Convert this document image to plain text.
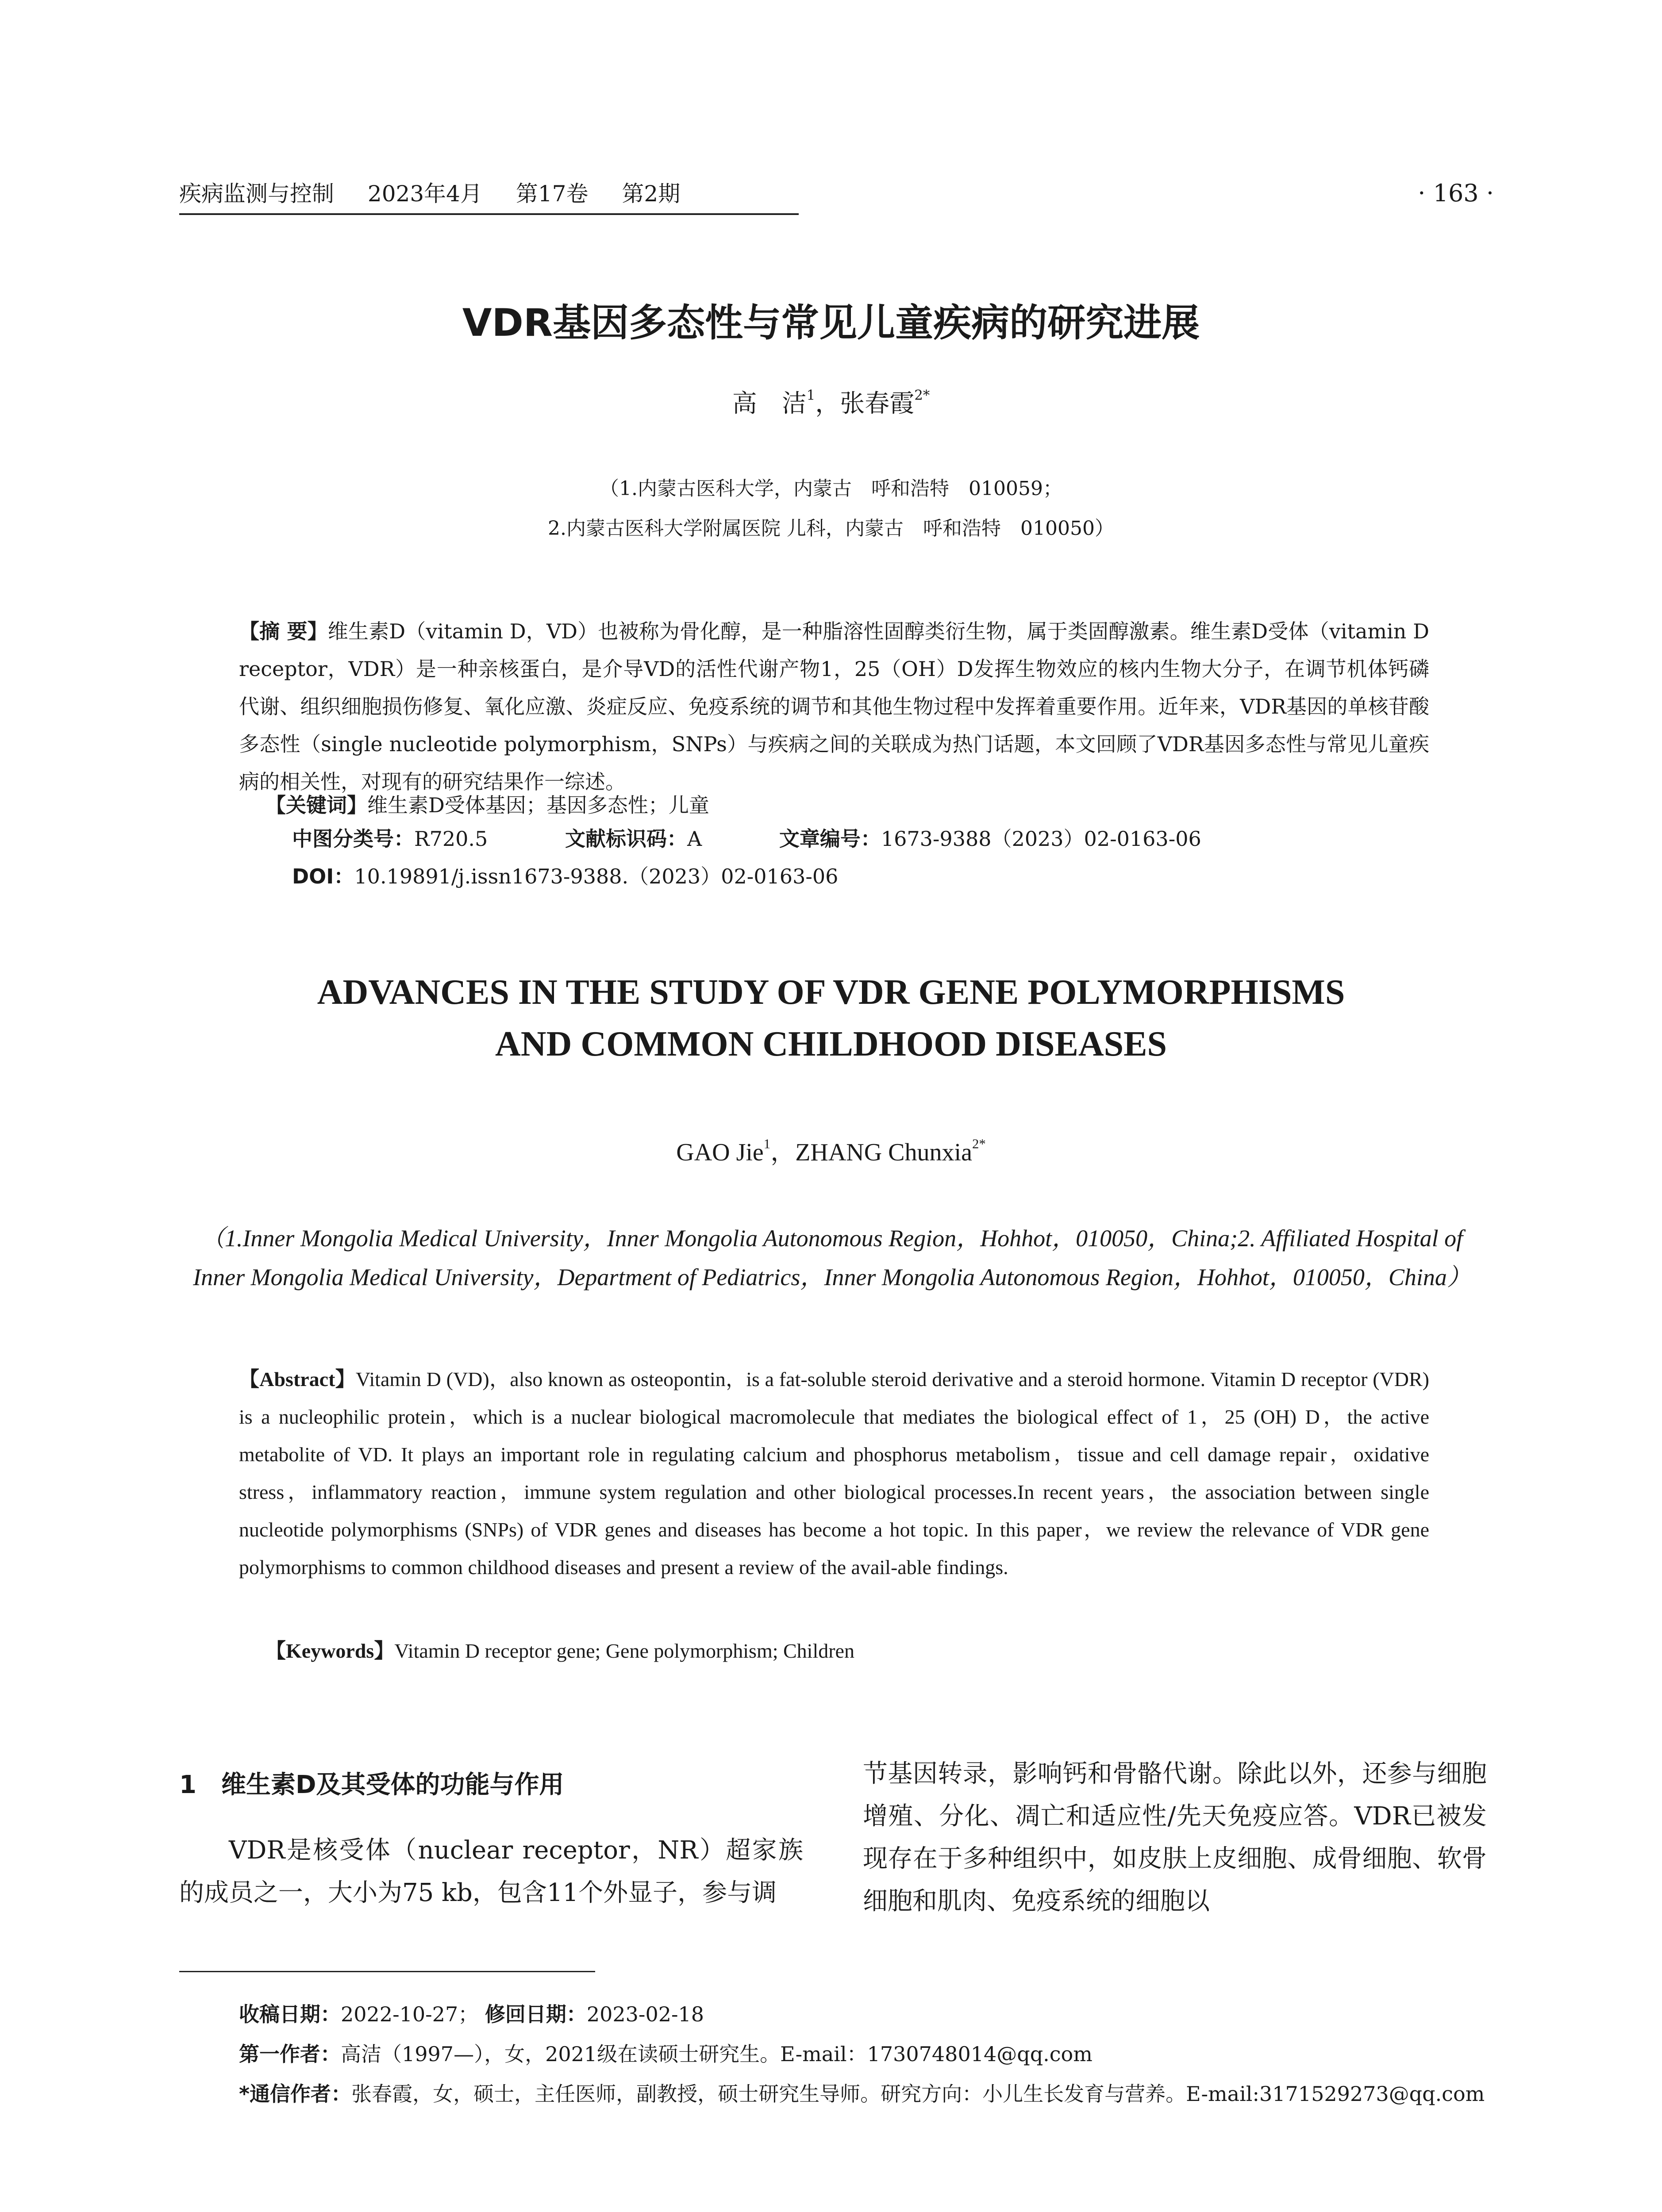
疾病监测与控制 2023年4月 第17卷 第2期	· 163 ·
VDR基因多态性与常见儿童疾病的研究进展
高　洁$^1$，张春霞$^{2*}$
（1.内蒙古医科大学，内蒙古　呼和浩特　010059；
2.内蒙古医科大学附属医院 儿科，内蒙古　呼和浩特　010050）
【摘 要】维生素D（vitamin D，VD）也被称为骨化醇，是一种脂溶性固醇类衍生物，属于类固醇激素。维生素D受体（vitamin D receptor，VDR）是一种亲核蛋白，是介导VD的活性代谢产物1，25（OH）D发挥生物效应的核内生物大分子，在调节机体钙磷代谢、组织细胞损伤修复、氧化应激、炎症反应、免疫系统的调节和其他生物过程中发挥着重要作用。近年来，VDR基因的单核苷酸多态性（single nucleotide polymorphism，SNPs）与疾病之间的关联成为热门话题，本文回顾了VDR基因多态性与常见儿童疾病的相关性，对现有的研究结果作一综述。
【关键词】维生素D受体基因；基因多态性；儿童
中图分类号：R720.5	文献标识码：A	文章编号：1673-9388（2023）02-0163-06
DOI：10.19891/j.issn1673-9388.（2023）02-0163-06
ADVANCES IN THE STUDY OF VDR GENE POLYMORPHISMS
AND COMMON CHILDHOOD DISEASES
GAO Jie$^1$，ZHANG Chunxia$^{2*}$
（1.Inner Mongolia Medical University，Inner Mongolia Autonomous Region，Hohhot，010050，China;2. Affiliated Hospital of
Inner Mongolia Medical University，Department of Pediatrics，Inner Mongolia Autonomous Region，Hohhot，010050，China）
【Abstract】Vitamin D (VD)，also known as osteopontin，is a fat-soluble steroid derivative and a steroid hormone. Vitamin D receptor (VDR) is a nucleophilic protein，which is a nuclear biological macromolecule that mediates the biological effect of 1，25 (OH) D，the active metabolite of VD. It plays an important role in regulating calcium and phosphorus metabolism，tissue and cell damage repair，oxidative stress，inflammatory reaction，immune system regulation and other biological processes.In recent years，the association between single nucleotide polymorphisms (SNPs) of VDR genes and diseases has become a hot topic. In this paper，we review the relevance of VDR gene polymorphisms to common childhood diseases and present a review of the avail-able findings.
【Keywords】Vitamin D receptor gene; Gene polymorphism; Children
1　维生素D及其受体的功能与作用
VDR是核受体（nuclear receptor，NR）超家族的成员之一，大小为75 kb，包含11个外显子，参与调
节基因转录，影响钙和骨骼代谢。除此以外，还参与细胞增殖、分化、凋亡和适应性/先天免疫应答。VDR已被发现存在于多种组织中，如皮肤上皮细胞、成骨细胞、软骨细胞和肌肉、免疫系统的细胞以
收稿日期：2022-10-27； 修回日期：2023-02-18
第一作者：高洁（1997—），女，2021级在读硕士研究生。E-mail：1730748014@qq.com
*通信作者：张春霞，女，硕士，主任医师，副教授，硕士研究生导师。研究方向：小儿生长发育与营养。E-mail:3171529273@qq.com
